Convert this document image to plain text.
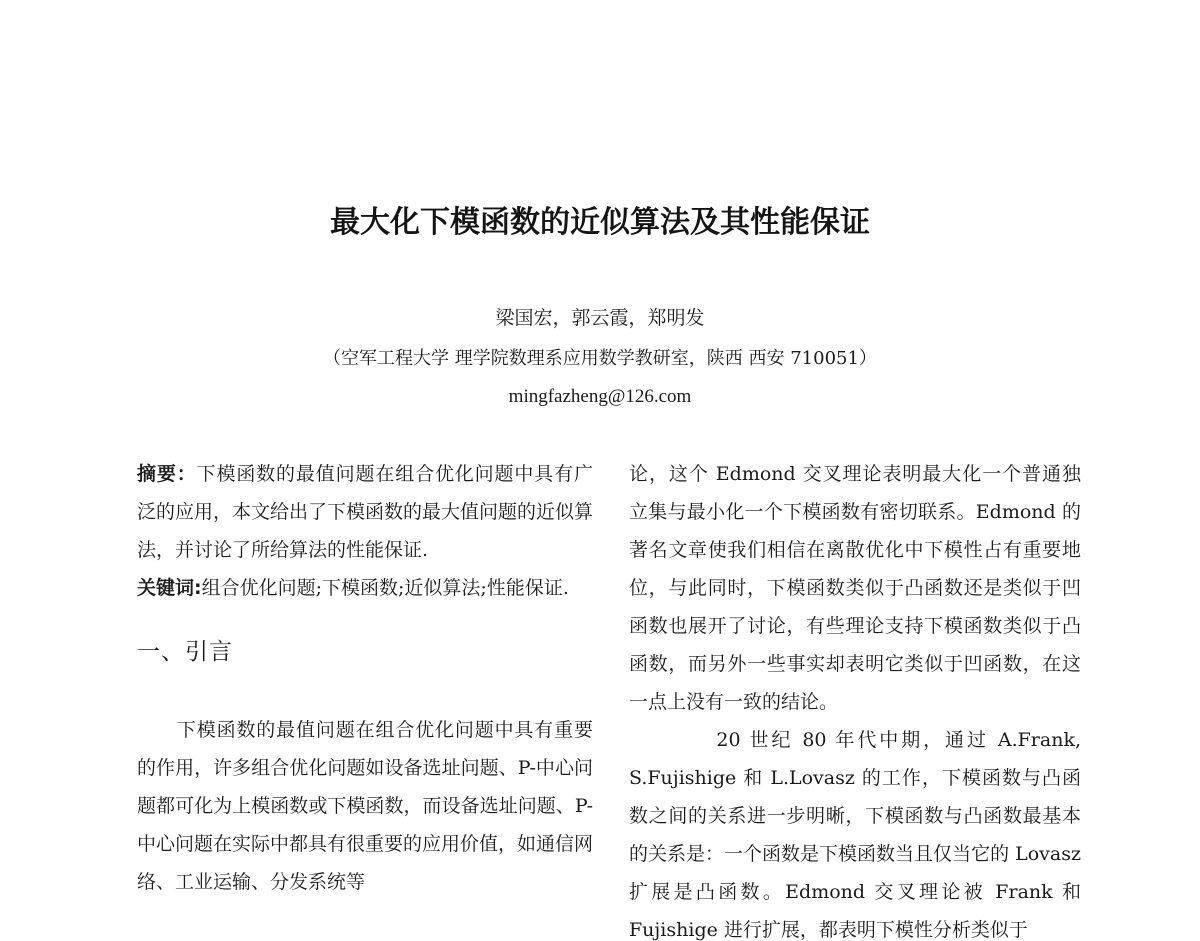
最大化下模函数的近似算法及其性能保证
梁国宏，郭云霞，郑明发
（空军工程大学 理学院数理系应用数学教研室，陕西 西安 710051）
mingfazheng@126.com

摘要：下模函数的最值问题在组合优化问题中具有广泛的应用，本文给出了下模函数的最大值问题的近似算法，并讨论了所给算法的性能保证.

关键词:组合优化问题;下模函数;近似算法;性能保证.

一、引言

下模函数的最值问题在组合优化问题中具有重要的作用，许多组合优化问题如设备选址问题、P-中心问题都可化为上模函数或下模函数，而设备选址问题、P-中心问题在实际中都具有很重要的应用价值，如通信网络、工业运输、分发系统等

论，这个 Edmond 交叉理论表明最大化一个普通独立集与最小化一个下模函数有密切联系。Edmond 的著名文章使我们相信在离散优化中下模性占有重要地位，与此同时，下模函数类似于凸函数还是类似于凹函数也展开了讨论，有些理论支持下模函数类似于凸函数，而另外一些事实却表明它类似于凹函数，在这一点上没有一致的结论。

20 世纪 80 年代中期，通过 A.Frank, S.Fujishige 和 L.Lovasz 的工作，下模函数与凸函数之间的关系进一步明晰，下模函数与凸函数最基本的关系是：一个函数是下模函数当且仅当它的 Lovasz 扩展是凸函数。Edmond 交叉理论被 Frank 和 Fujishige 进行扩展，都表明下模性分析类似于
